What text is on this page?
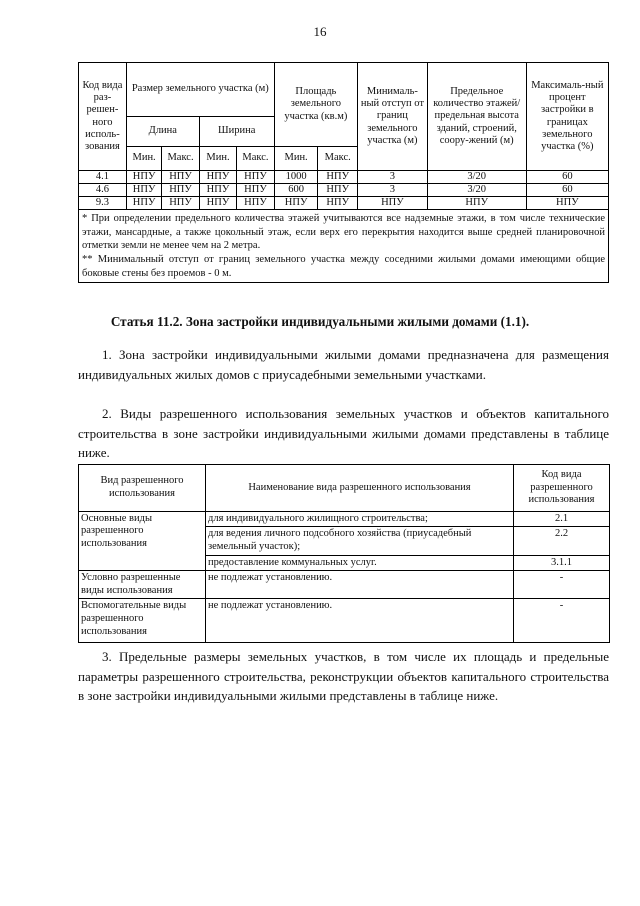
16
Код вида раз-решен-ного исполь-зования	Размер земельного участка (м)				Площадь земельного участка (кв.м)		Минималь-ный отступ от границ земельного участка (м)	Предельное количество этажей/ предельная высота зданий, строений, соору-жений (м)	Максималь-ный процент застройки в границах земельного участка (%)
	Длина		Ширина						
	Мин.	Макс.	Мин.	Макс.	Мин.	Макс.			
4.1	НПУ	НПУ	НПУ	НПУ	1000	НПУ	3	3/20	60
4.6	НПУ	НПУ	НПУ	НПУ	600	НПУ	3	3/20	60
9.3	НПУ	НПУ	НПУ	НПУ	НПУ	НПУ	НПУ	НПУ	НПУ

* При определении предельного количества этажей учитываются все надземные этажи, в том числе технические этажи, мансардные, а также цокольный этаж, если верх его перекрытия находится выше средней планировочной отметки земли не менее чем на 2 метра.
** Минимальный отступ от границ земельного участка между соседними жилыми домами имеющими общие боковые стены без проемов - 0 м.									
Статья 11.2. Зона застройки индивидуальными жилыми домами (1.1).

1. Зона застройки индивидуальными жилыми домами предназначена для размещения индивидуальных жилых домов с приусадебными земельными участками.

2. Виды разрешенного использования земельных участков и объектов капитального строительства в зоне застройки индивидуальными жилыми домами представлены в таблице ниже.

Вид разрешенного использования	Наименование вида разрешенного использования	Код вида разрешенного использования
Основные виды разрешенного использования	для индивидуального жилищного строительства;	2.1
	для ведения личного подсобного хозяйства (приусадебный земельный участок);	2.2
	предоставление коммунальных услуг.	3.1.1
Условно разрешенные виды использования	не подлежат установлению.	-
Вспомогательные виды разрешенного использования	не подлежат установлению.	-

3. Предельные размеры земельных участков, в том числе их площадь и предельные параметры разрешенного строительства, реконструкции объектов капитального строительства в зоне застройки индивидуальными жилыми представлены в таблице ниже.
